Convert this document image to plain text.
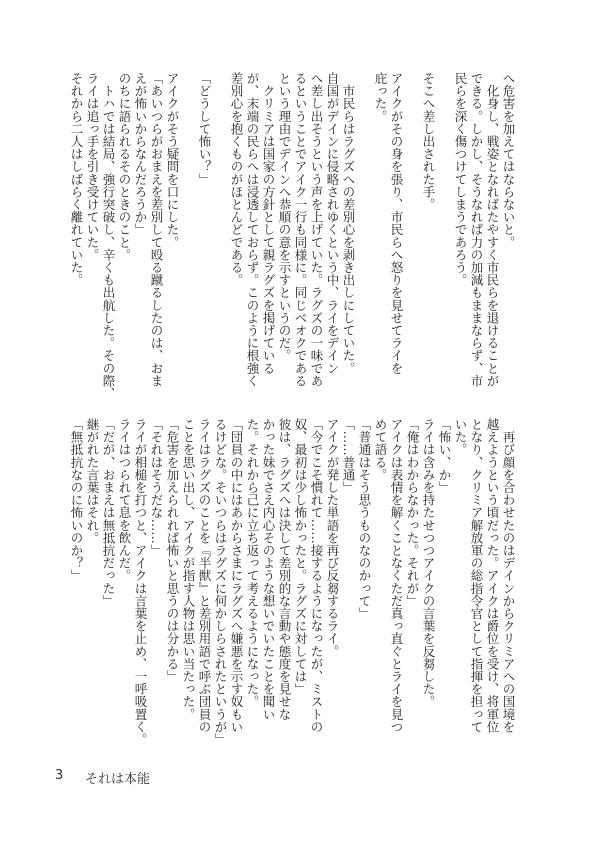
へ危害を加えてはならないと。
　化身し、戦姿となればたやすく市民らを退けることが
できる。しかし、そうなれば力の加減もままならず、市
民らを深く傷つけてしまうであろう。
そこへ差し出された手。
アイクがその身を張り、市民らへ怒りを見せてライを
庇った。
　市民らはラグズへの差別心を剥き出しにしていた。
自国がデインに侵略されゆくという中、ライをデイン
へ差し出そうという声を上げていた。ラグズの一味であ
るということでアイク一行も同様に。同じベオクである
という理由でデインへ恭順の意を示すというのだ。
　クリミアは国家の方針として親ラグズを掲げている
が、末端の民らへは浸透しておらず。このように根強く
差別心を抱くものがほとんどである。
「どうして怖い？」
アイクがそう疑問を口にした。
「あいつらがおまえを差別して殴る蹴るしたのは、おま
えが怖いからなんだろうか」
のちに語られるそのときのこと。
　トハでは結局、強行突破し、辛くも出航した。その際、
ライは追っ手を引き受けていた。
それから二人はしばらく離れていた。
　再び顔を合わせたのはデインからクリミアへの国境を
越えようという頃だった。アイクは爵位を受け、将軍位
となり、クリミア解放軍の総指令官として指揮を担って
いた。
「怖い、か」
ライは含みを持たせつつアイクの言葉を反芻した。
「俺はわからなかった。それが」
アイクは表情を解くことなくただ真っ直ぐとライを見つ
めて語る。
「普通はそう思うものなのかって」
「……普通」
アイクが発した単語を再び反芻するライ。
「今でこそ慣れて……接するようになったが、ミストの
奴、最初は少し怖かったと。ラグズに対しては」
彼は、ラグズへは決して差別的な言動や態度を見せな
かった妹でさえ内心そのような想いでいたことを聞い
た。それから己に立ち返って考えるようになった。
「団員の中にはあからさまにラグズへ嫌悪を示す奴もい
るけどな。そいつらはラグズに何かしらされたというが」
ライはラグズのことを『半獣』と差別用語で呼ぶ団員の
ことを思い出し、アイクが指す人物は思い当たった。
「危害を加えられれば怖いと思うのは分かる」
「それはそうだな……」
ライが相槌を打つと、アイクは言葉を止め、一呼吸置く。
ライはつられて息を飲んだ。
「だが、おまえは無抵抗だった」
継がれた言葉はそれ。
「無抵抗なのに怖いのか？」
3 それは本能
